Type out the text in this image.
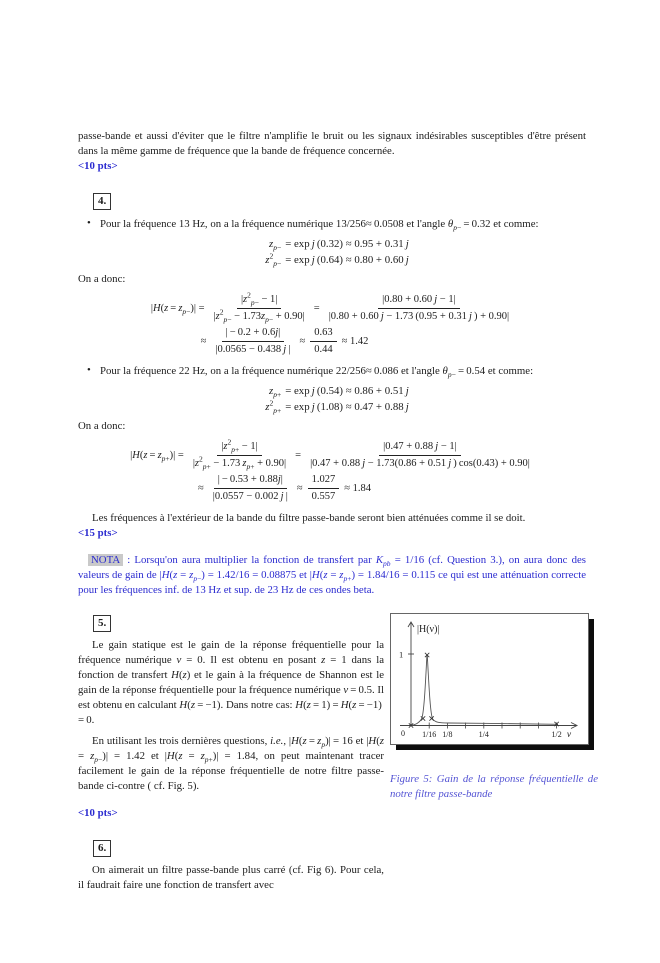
passe-bande et aussi d'éviter que le filtre n'amplifie le bruit ou les signaux indésirables susceptibles d'être présent dans la même gamme de fréquence que la bande de fréquence concernée.

<10 pts>
4.
• Pour la fréquence 13 Hz, on a la fréquence numérique 13/256≈ 0.0508 et l'angle $\theta_{p-} = 0.32$ et comme:
$z_{p-} = \exp j$ (0.32) ≈ 0.95 + 0.31 j
$z^2_{p-} = \exp j$ (0.64) ≈ 0.80 + 0.60 j

On a donc:

$|H(z = z_{p-})| = \frac{|z^2_{p-} - 1|}{|z^2_{p-} - 1.73z_{p-} + 0.90|} = \frac{|0.80 + 0.60 j - 1|}{|0.80 + 0.60 j - 1.73 (0.95 + 0.31 j ) + 0.90|}$
≈ $\frac{| - 0.2 + 0.6j|}{|0.0565 - 0.438 j |} \approx \frac{0.63}{0.44} \approx 1.42$
• Pour la fréquence 22 Hz, on a la fréquence numérique 22/256≈ 0.086 et l'angle $\theta_{p-} = 0.54$ et comme:
$z_{p+} = \exp j$ (0.54) ≈ 0.86 + 0.51 j
$z^2_{p+} = \exp j$ (1.08) ≈ 0.47 + 0.88 j

On a donc:

$|H(z = z_{p+})| = \frac{|z^2_{p+} - 1|}{|z^2_{p+} - 1.73 z_{p+} + 0.90|} = \frac{|0.47 + 0.88 j - 1|}{|0.47 + 0.88 j - 1.73(0.86 + 0.51 j ) \cos(0.43) + 0.90|}$
≈ $\frac{| - 0.53 + 0.88j|}{|0.0557 - 0.002 j |} \approx \frac{1.027}{0.557} \approx 1.84$

Les fréquences à l'extérieur de la bande du filtre passe-bande seront bien atténuées comme il se doit.

<15 pts>

NOTA : Lorsqu'on aura multiplier la fonction de transfert par $K_{pb} = 1/16$ (cf. Question 3.), on aura donc des valeurs de gain de $|H(z = z_{p-}) = 1.42/16 = 0.08875$ et $|H(z = z_{p+}) = 1.84/16 = 0.115$ ce qui est une atténuation correcte pour les fréquences inf. de 13 Hz et sup. de 23 Hz de ces ondes beta.

5.

Le gain statique est le gain de la réponse fréquentielle pour la fréquence numérique ν = 0. Il est obtenu en posant z = 1 dans la fonction de transfert H(z) et le gain à la fréquence de Shannon est le gain de la réponse fréquentielle pour la fréquence numérique ν = 0.5. Il est obtenu en calculant H(z = −1). Dans notre cas: H(z = 1) = H(z = −1) = 0.

En utilisant les trois dernières questions, i.e., $|H(z = z_p)| = 16$ et $|H(z = z_{p-})| = 1.42$ et $|H(z = z_{p+})| = 1.84$, on peut maintenant tracer facilement le gain de la réponse fréquentielle de notre filtre passe-bande ci-contre ( cf. Fig. 5).

<10 pts>
6.

On aimerait un filtre passe-bande plus carré (cf. Fig 6). Pour cela, il faudrait faire une fonction de transfert avec

|H(ν)|
1
0 1/16 1/8	1/4	1/2 ν

Figure 5: Gain de la réponse fréquentielle de notre filtre passe-bande
